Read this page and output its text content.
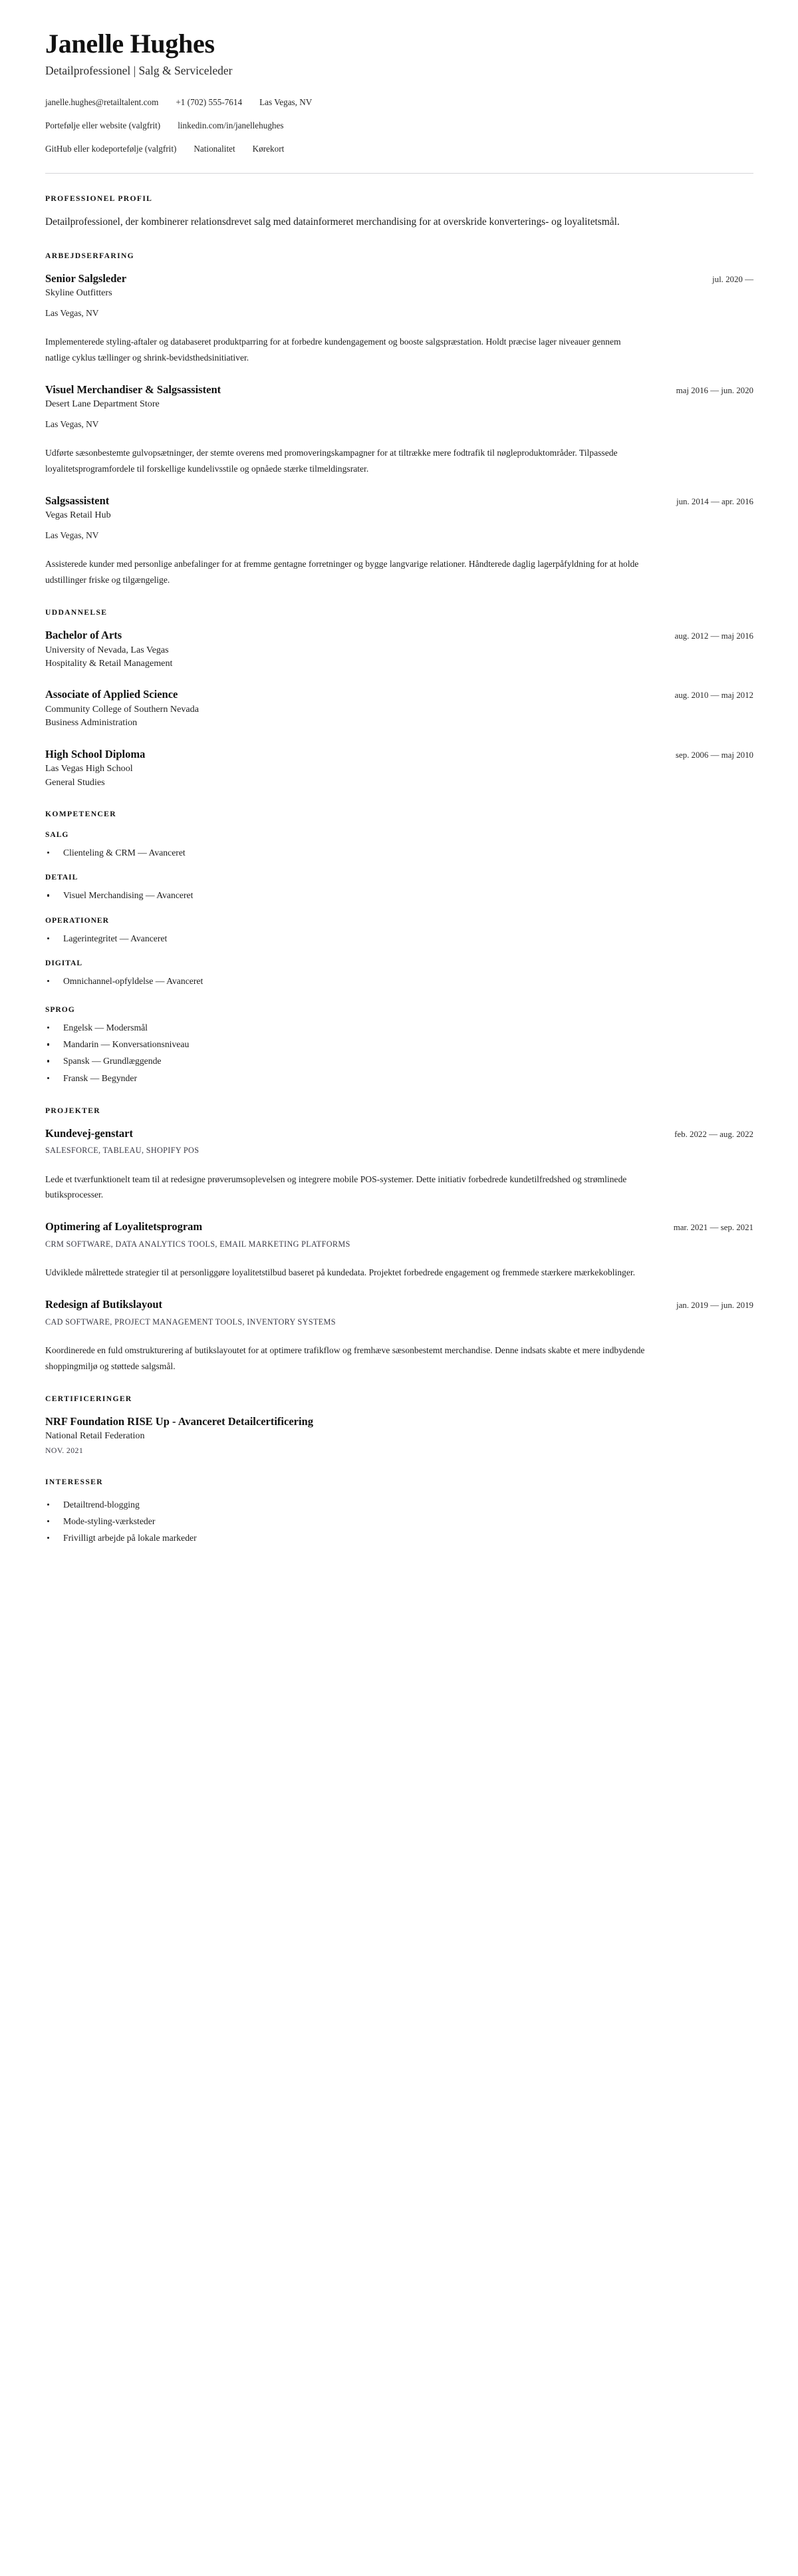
Janelle Hughes
Detailprofessionel | Salg & Serviceleder
janelle.hughes@retailtalent.com +1 (702) 555-7614 Las Vegas, NV
Portefølje eller website (valgfrit) linkedin.com/in/janellehughes
GitHub eller kodeportefølje (valgfrit) Nationalitet Kørekort
PROFESSIONEL PROFIL

Detailprofessionel, der kombinerer relationsdrevet salg med datainformeret merchandising for at overskride konverterings- og loyalitetsmål.

ARBEJDSERFARING
Senior Salgsleder	jul. 2020 —
Skyline Outfitters
Las Vegas, NV

Implementerede styling-aftaler og databaseret produktparring for at forbedre kundengagement og booste salgspræstation. Holdt præcise lager niveauer gennem natlige cyklus tællinger og shrink-bevidsthedsinitiativer.

Visuel Merchandiser & Salgsassistent	maj 2016 — jun. 2020
Desert Lane Department Store
Las Vegas, NV

Udførte sæsonbestemte gulvopsætninger, der stemte overens med promoveringskampagner for at tiltrække mere fodtrafik til nøgleproduktområder. Tilpassede loyalitetsprogramfordele til forskellige kundelivsstile og opnåede stærke tilmeldingsrater.

Salgsassistent	jun. 2014 — apr. 2016
Vegas Retail Hub
Las Vegas, NV

Assisterede kunder med personlige anbefalinger for at fremme gentagne forretninger og bygge langvarige relationer. Håndterede daglig lagerpåfyldning for at holde udstillinger friske og tilgængelige.

UDDANNELSE
Bachelor of Arts	aug. 2012 — maj 2016
University of Nevada, Las Vegas
Hospitality & Retail Management
Associate of Applied Science	aug. 2010 — maj 2012
Community College of Southern Nevada
Business Administration
High School Diploma	sep. 2006 — maj 2010
Las Vegas High School
General Studies
KOMPETENCER
SALG
Clienteling & CRM — Avanceret
DETAIL
Visuel Merchandising — Avanceret
OPERATIONER
Lagerintegritet — Avanceret
DIGITAL
Omnichannel-opfyldelse — Avanceret
SPROG
Engelsk — Modersmål
Mandarin — Konversationsniveau
Spansk — Grundlæggende
Fransk — Begynder
PROJEKTER
Kundevej-genstart	feb. 2022 — aug. 2022
SALESFORCE, TABLEAU, SHOPIFY POS

Lede et tværfunktionelt team til at redesigne prøverumsoplevelsen og integrere mobile POS-systemer. Dette initiativ forbedrede kundetilfredshed og strømlinede butiksprocesser.

Optimering af Loyalitetsprogram	mar. 2021 — sep. 2021
CRM SOFTWARE, DATA ANALYTICS TOOLS, EMAIL MARKETING PLATFORMS

Udviklede målrettede strategier til at personliggøre loyalitetstilbud baseret på kundedata. Projektet forbedrede engagement og fremmede stærkere mærkekoblinger.

Redesign af Butikslayout	jan. 2019 — jun. 2019
CAD SOFTWARE, PROJECT MANAGEMENT TOOLS, INVENTORY SYSTEMS

Koordinerede en fuld omstrukturering af butikslayoutet for at optimere trafikflow og fremhæve sæsonbestemt merchandise. Denne indsats skabte et mere indbydende shoppingmiljø og støttede salgsmål.

CERTIFICERINGER
NRF Foundation RISE Up - Avanceret Detailcertificering
National Retail Federation
NOV. 2021
INTERESSER
Detailtrend-blogging
Mode-styling-værksteder
Frivilligt arbejde på lokale markeder
